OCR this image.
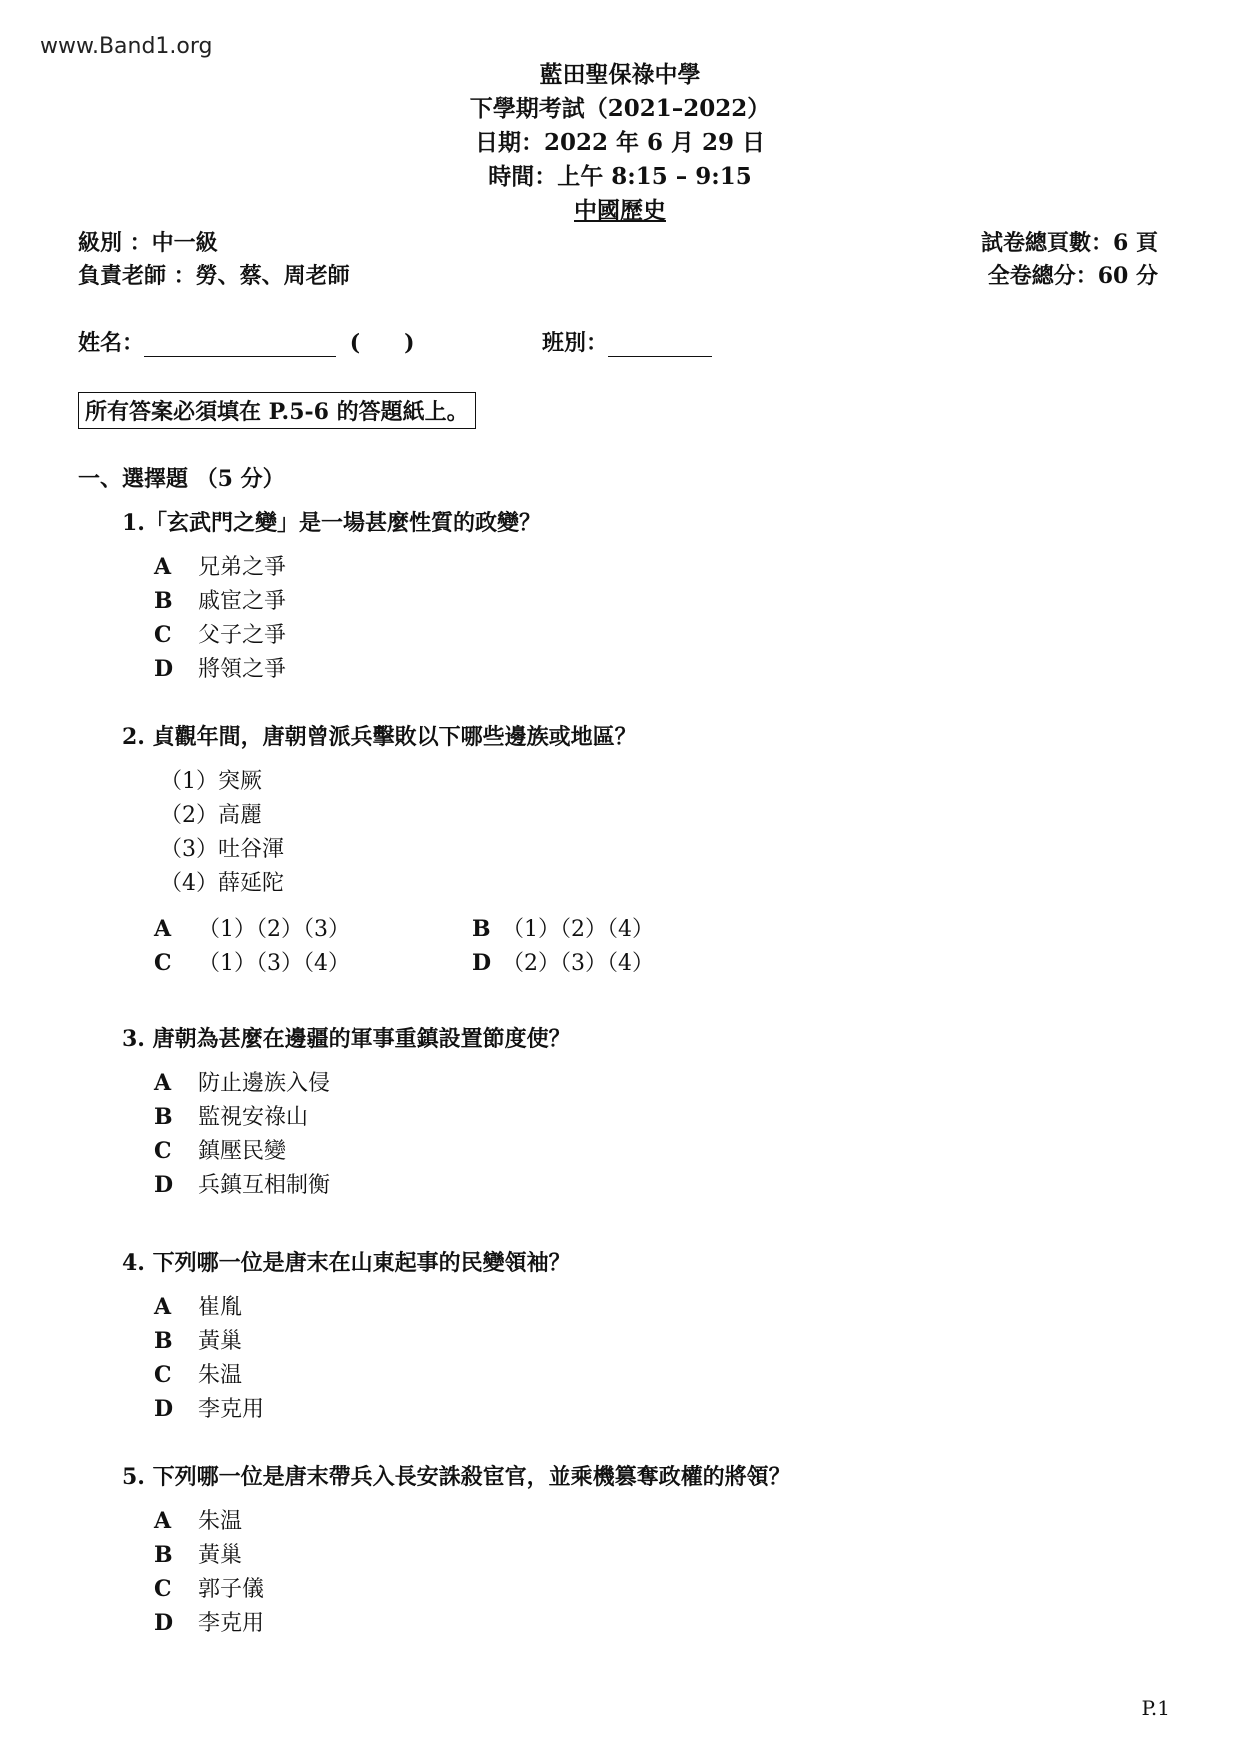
www.Band1.org
藍田聖保祿中學
下學期考試（2021–2022）
日期：2022 年 6 月 29 日
時間：上午 8:15 – 9:15
中國歷史
級別 ：中一級
負責老師 ：勞、蔡、周老師
試卷總頁數：6 頁
全卷總分：60 分
姓名：	(　　)	班別：
所有答案必須填在 P.5-6 的答題紙上。
一、選擇題 （5 分）
1.「玄武門之變」是一場甚麼性質的政變？
A 兄弟之爭
B 戚宦之爭
C 父子之爭
D 將領之爭
2. 貞觀年間，唐朝曾派兵擊敗以下哪些邊族或地區？
（1）突厥
（2）高麗
（3）吐谷渾
（4）薛延陀
A （1）（2）（3）	B （1）（2）（4）
C （1）（3）（4）	D （2）（3）（4）
3. 唐朝為甚麼在邊疆的軍事重鎮設置節度使？
A 防止邊族入侵
B 監視安祿山
C 鎮壓民變
D 兵鎮互相制衡
4. 下列哪一位是唐末在山東起事的民變領袖？
A 崔胤
B 黃巢
C 朱温
D 李克用
5. 下列哪一位是唐末帶兵入長安誅殺宦官，並乘機篡奪政權的將領？
A 朱温
B 黃巢
C 郭子儀
D 李克用
P.1
